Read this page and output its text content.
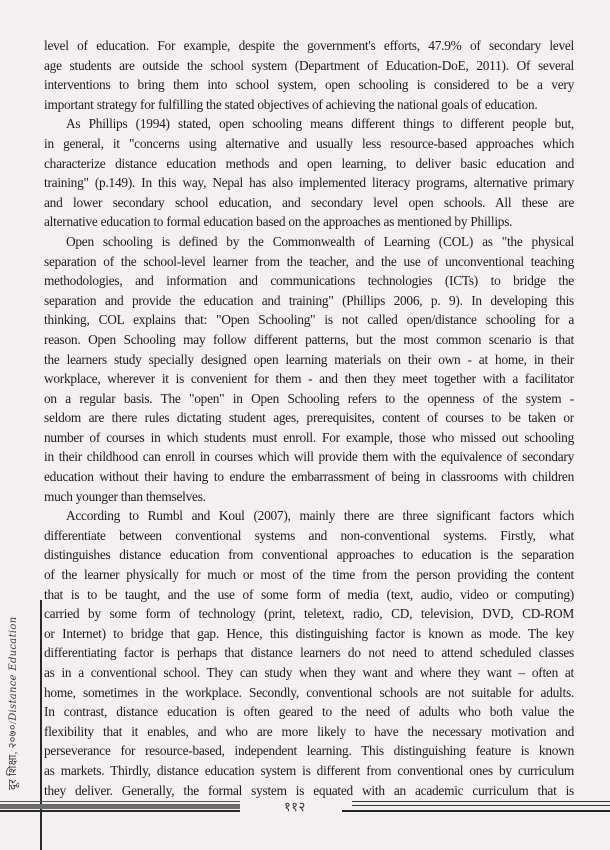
level of education. For example, despite the government's efforts, 47.9% of secondary level
age students are outside the school system (Department of Education-DoE, 2011). Of several
interventions to bring them into school system, open schooling is considered to be a very
important strategy for fulfilling the stated objectives of achieving the national goals of education.
As Phillips (1994) stated, open schooling means different things to different people but,
in general, it "concerns using alternative and usually less resource-based approaches which
characterize distance education methods and open learning, to deliver basic education and
training" (p.149). In this way, Nepal has also implemented literacy programs, alternative primary
and lower secondary school education, and secondary level open schools. All these are
alternative education to formal education based on the approaches as mentioned by Phillips.
Open schooling is defined by the Commonwealth of Learning (COL) as "the physical
separation of the school-level learner from the teacher, and the use of unconventional teaching
methodologies, and information and communications technologies (ICTs) to bridge the
separation and provide the education and training" (Phillips 2006, p. 9). In developing this
thinking, COL explains that: "Open Schooling" is not called open/distance schooling for a
reason. Open Schooling may follow different patterns, but the most common scenario is that
the learners study specially designed open learning materials on their own - at home, in their
workplace, wherever it is convenient for them - and then they meet together with a facilitator
on a regular basis. The "open" in Open Schooling refers to the openness of the system -
seldom are there rules dictating student ages, prerequisites, content of courses to be taken or
number of courses in which students must enroll. For example, those who missed out schooling
in their childhood can enroll in courses which will provide them with the equivalence of secondary
education without their having to endure the embarrassment of being in classrooms with children
much younger than themselves.
According to Rumbl and Koul (2007), mainly there are three significant factors which
differentiate between conventional systems and non-conventional systems. Firstly, what
distinguishes distance education from conventional approaches to education is the separation
of the learner physically for much or most of the time from the person providing the content
that is to be taught, and the use of some form of media (text, audio, video or computing)
carried by some form of technology (print, teletext, radio, CD, television, DVD, CD-ROM
or Internet) to bridge that gap. Hence, this distinguishing factor is known as mode. The key
differentiating factor is perhaps that distance learners do not need to attend scheduled classes
as in a conventional school. They can study when they want and where they want – often at
home, sometimes in the workplace. Secondly, conventional schools are not suitable for adults.
In contrast, distance education is often geared to the need of adults who both value the
flexibility that it enables, and who are more likely to have the necessary motivation and
perseverance for resource-based, independent learning. This distinguishing feature is known
as markets. Thirdly, distance education system is different from conventional ones by curriculum
they deliver. Generally, the formal system is equated with an academic curriculum that is
दूर शिक्षा, २०७०/Distance Education
११२
